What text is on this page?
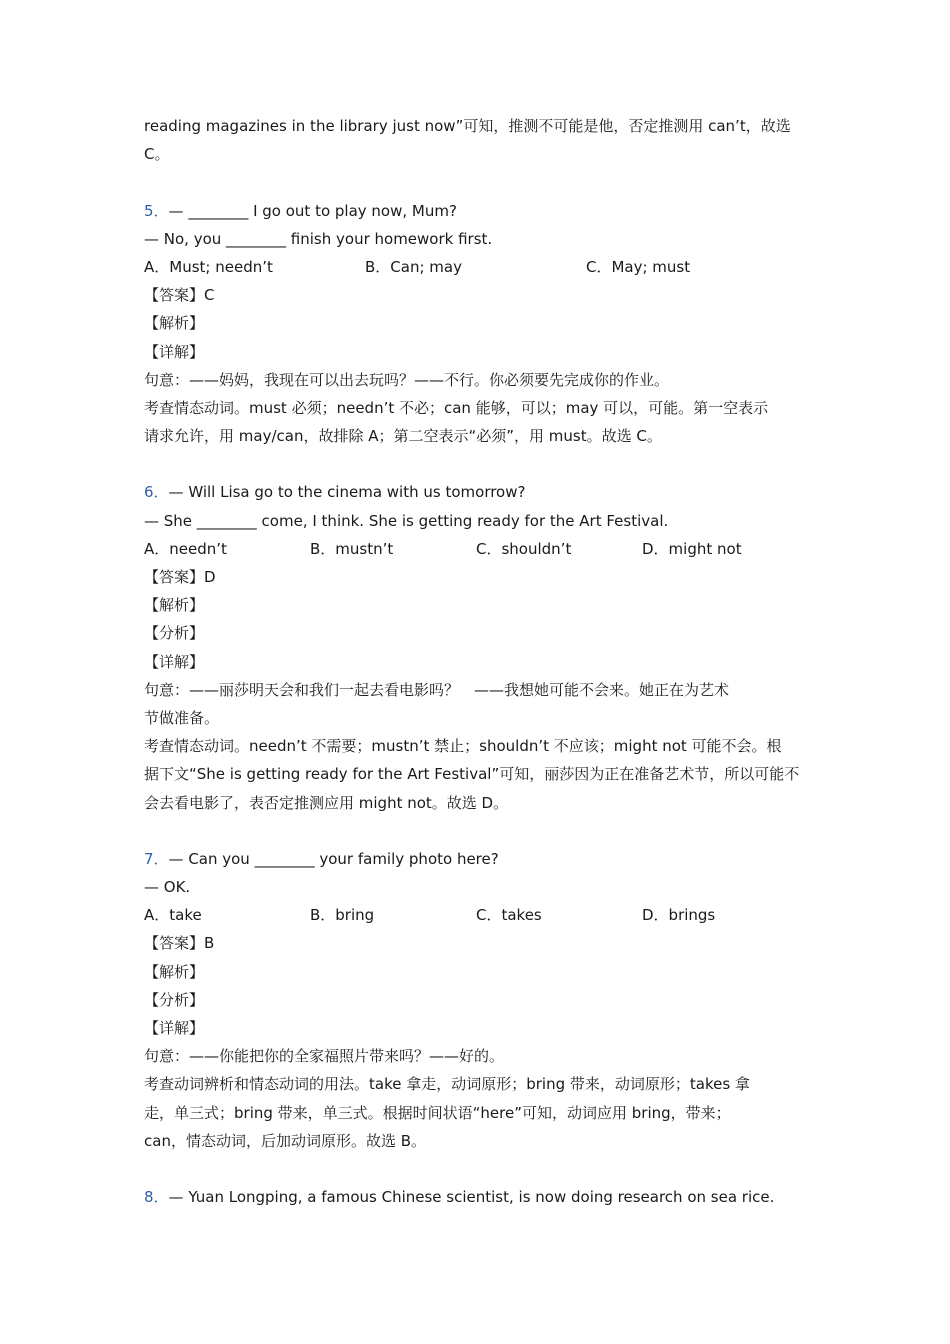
reading magazines in the library just now”可知，推测不可能是他，否定推测用 can’t，故选
C。
5．— ________ I go out to play now, Mum?
— No, you ________ finish your homework first.
A．Must; needn’t	B．Can; may	C．May; must
【答案】C
【解析】
【详解】
句意：——妈妈，我现在可以出去玩吗？——不行。你必须要先完成你的作业。
考查情态动词。must 必须；needn’t 不必；can 能够，可以；may 可以，可能。第一空表示
请求允许，用 may/can，故排除 A；第二空表示“必须”，用 must。故选 C。
6．— Will Lisa go to the cinema with us tomorrow?
— She ________ come, I think. She is getting ready for the Art Festival.
A．needn’t	B．mustn’t	C．shouldn’t	D．might not
【答案】D
【解析】
【分析】
【详解】
句意：——丽莎明天会和我们一起去看电影吗？　——我想她可能不会来。她正在为艺术
节做准备。
考查情态动词。needn’t 不需要；mustn’t 禁止；shouldn’t 不应该；might not 可能不会。根
据下文“She is getting ready for the Art Festival”可知，丽莎因为正在准备艺术节，所以可能不
会去看电影了，表否定推测应用 might not。故选 D。
7．— Can you ________ your family photo here?
— OK.
A．take	B．bring	C．takes	D．brings
【答案】B
【解析】
【分析】
【详解】
句意：——你能把你的全家福照片带来吗？——好的。
考查动词辨析和情态动词的用法。take 拿走，动词原形；bring 带来，动词原形；takes 拿
走，单三式；bring 带来，单三式。根据时间状语“here”可知，动词应用 bring，带来；
can，情态动词，后加动词原形。故选 B。
8．— Yuan Longping, a famous Chinese scientist, is now doing research on sea rice.
